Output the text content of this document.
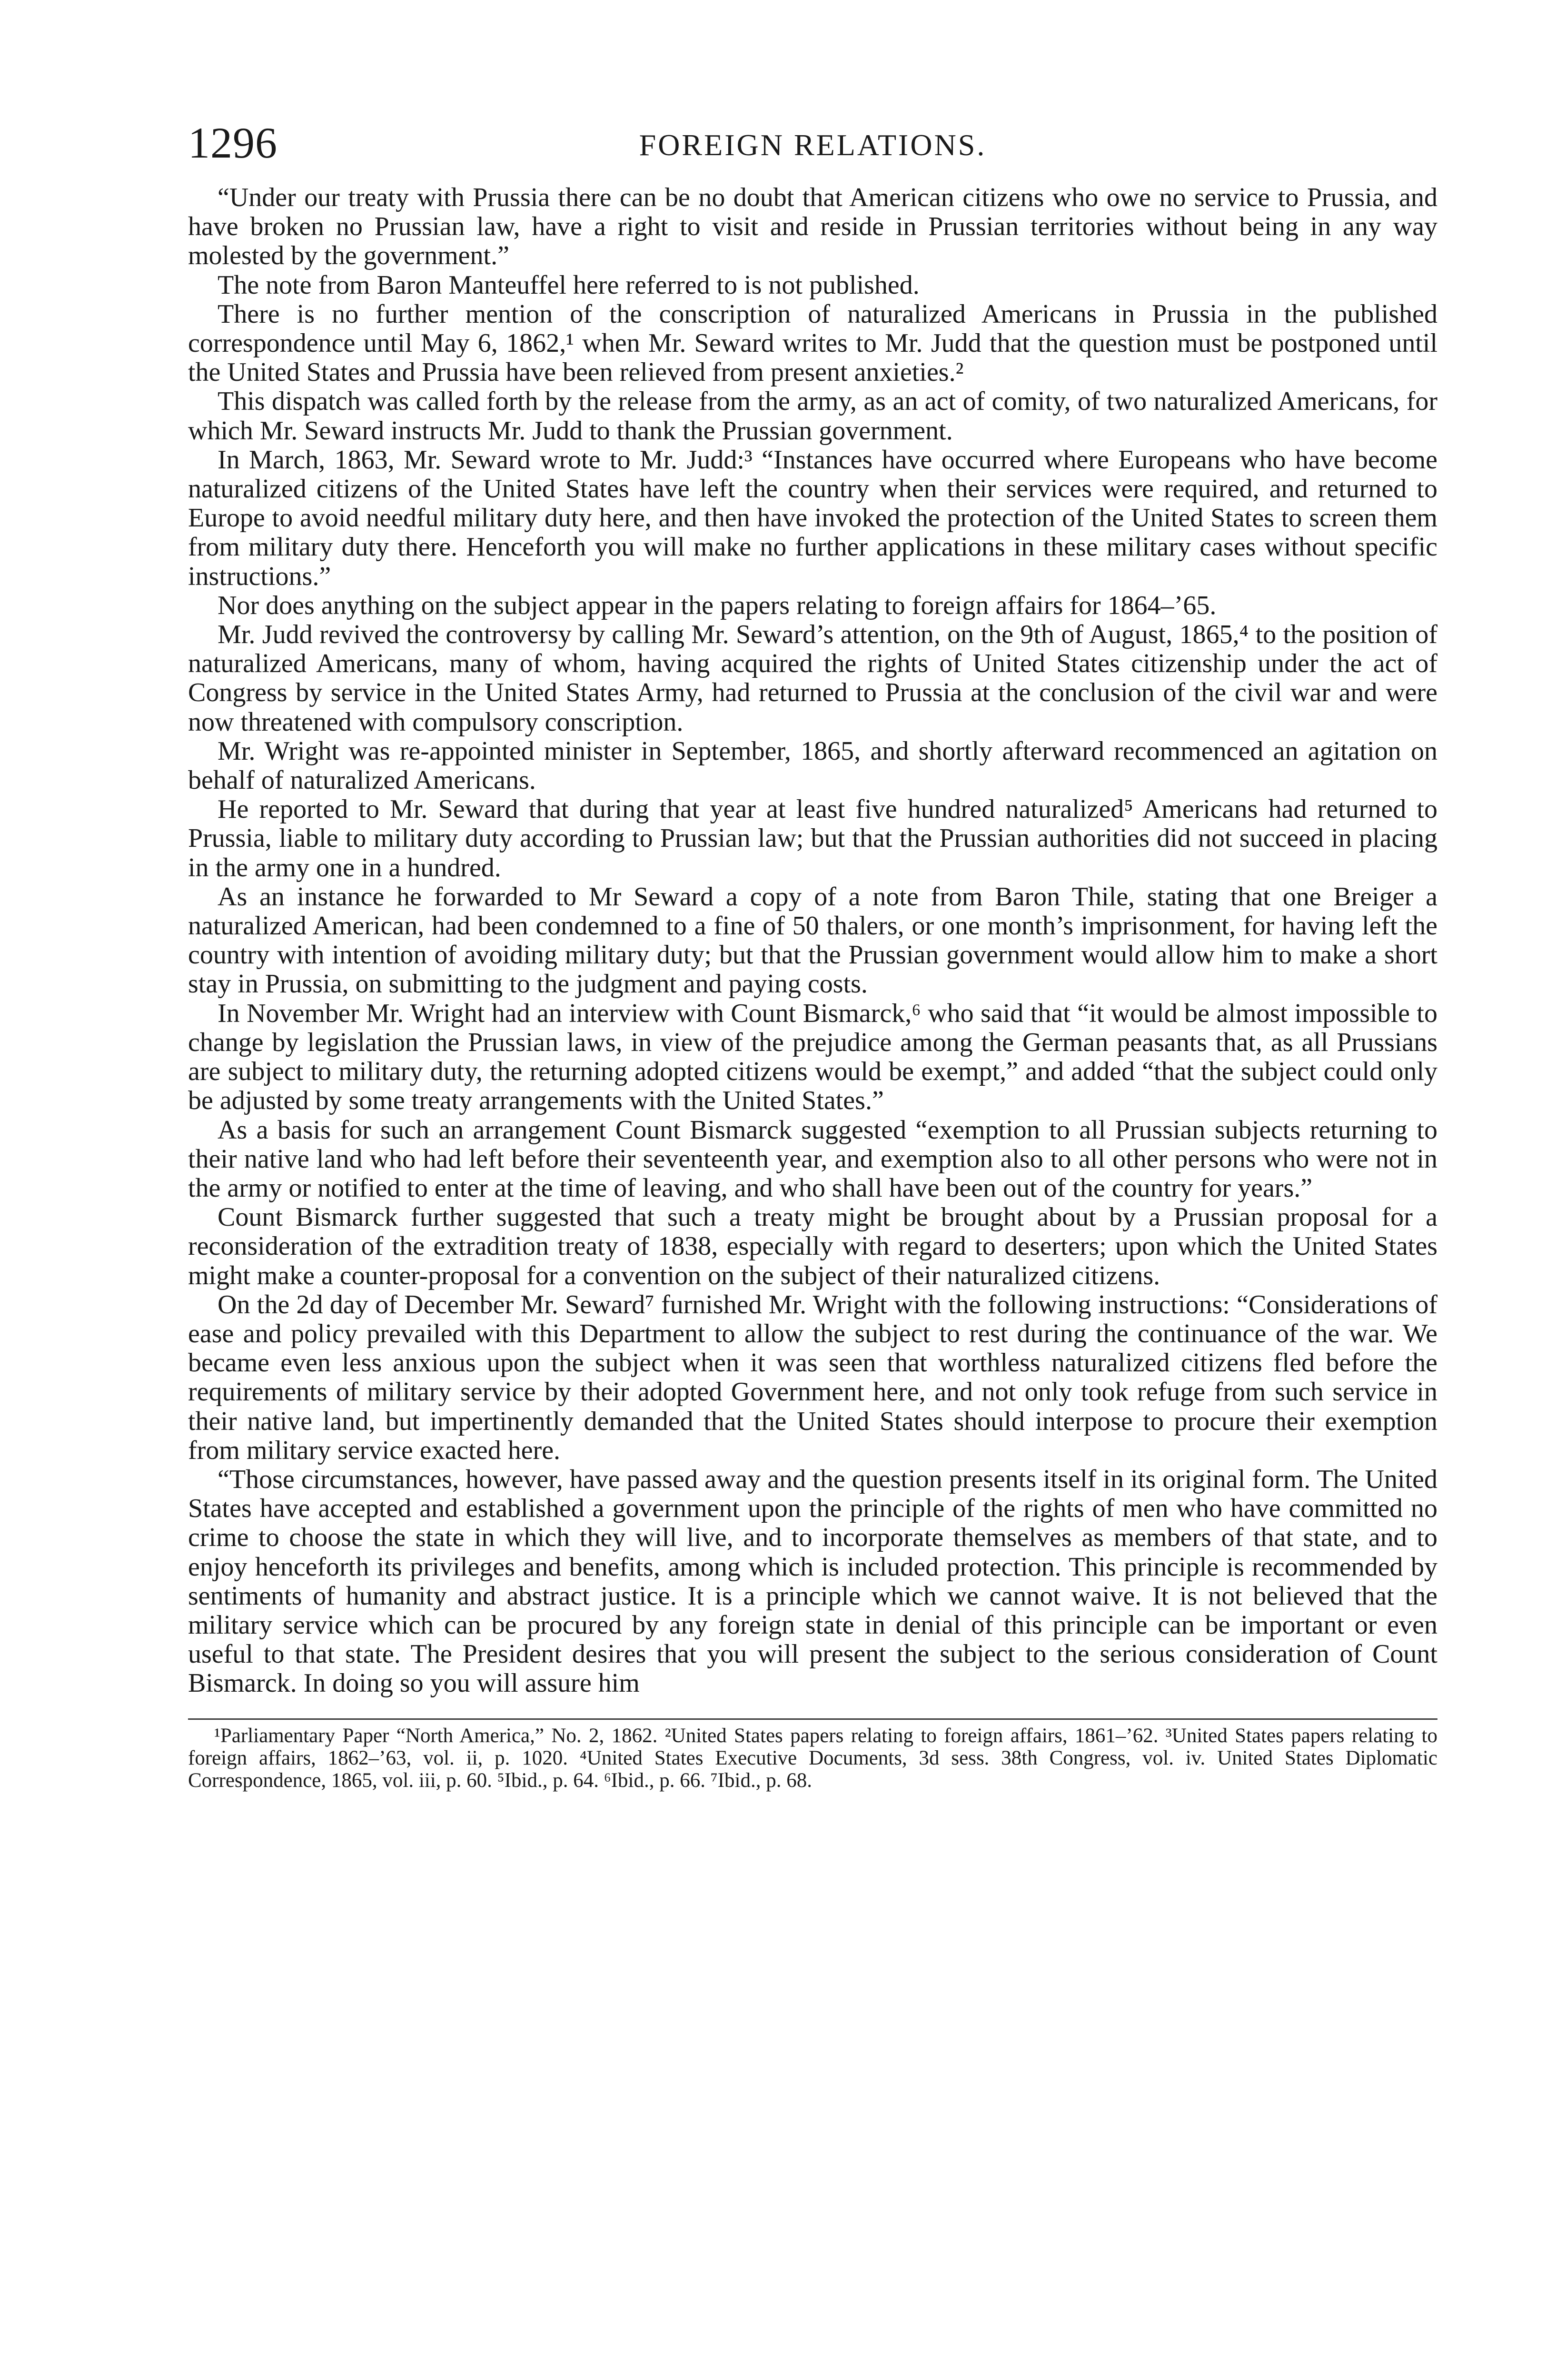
1296	FOREIGN RELATIONS.

“Under our treaty with Prussia there can be no doubt that American citizens who owe no service to Prussia, and have broken no Prussian law, have a right to visit and reside in Prussian territories without being in any way molested by the government.”

The note from Baron Manteuffel here referred to is not published.

There is no further mention of the conscription of naturalized Americans in Prussia in the published correspondence until May 6, 1862,¹ when Mr. Seward writes to Mr. Judd that the question must be postponed until the United States and Prussia have been relieved from present anxieties.²

This dispatch was called forth by the release from the army, as an act of comity, of two naturalized Americans, for which Mr. Seward instructs Mr. Judd to thank the Prussian government.

In March, 1863, Mr. Seward wrote to Mr. Judd:³ “Instances have occurred where Europeans who have become naturalized citizens of the United States have left the country when their services were required, and returned to Europe to avoid needful military duty here, and then have invoked the protection of the United States to screen them from military duty there. Henceforth you will make no further applications in these military cases without specific instructions.”

Nor does anything on the subject appear in the papers relating to foreign affairs for 1864–’65.

Mr. Judd revived the controversy by calling Mr. Seward’s attention, on the 9th of August, 1865,⁴ to the position of naturalized Americans, many of whom, having acquired the rights of United States citizenship under the act of Congress by service in the United States Army, had returned to Prussia at the conclusion of the civil war and were now threatened with compulsory conscription.

Mr. Wright was re-appointed minister in September, 1865, and shortly afterward recommenced an agitation on behalf of naturalized Americans.

He reported to Mr. Seward that during that year at least five hundred naturalized⁵ Americans had returned to Prussia, liable to military duty according to Prussian law; but that the Prussian authorities did not succeed in placing in the army one in a hundred.

As an instance he forwarded to Mr Seward a copy of a note from Baron Thile, stating that one Breiger a naturalized American, had been condemned to a fine of 50 thalers, or one month’s imprisonment, for having left the country with intention of avoiding military duty; but that the Prussian government would allow him to make a short stay in Prussia, on submitting to the judgment and paying costs.

In November Mr. Wright had an interview with Count Bismarck,⁶ who said that “it would be almost impossible to change by legislation the Prussian laws, in view of the prejudice among the German peasants that, as all Prussians are subject to military duty, the returning adopted citizens would be exempt,” and added “that the subject could only be adjusted by some treaty arrangements with the United States.”

As a basis for such an arrangement Count Bismarck suggested “exemption to all Prussian subjects returning to their native land who had left before their seventeenth year, and exemption also to all other persons who were not in the army or notified to enter at the time of leaving, and who shall have been out of the country for years.”

Count Bismarck further suggested that such a treaty might be brought about by a Prussian proposal for a reconsideration of the extradition treaty of 1838, especially with regard to deserters; upon which the United States might make a counter-proposal for a convention on the subject of their naturalized citizens.

On the 2d day of December Mr. Seward⁷ furnished Mr. Wright with the following instructions: “Considerations of ease and policy prevailed with this Department to allow the subject to rest during the continuance of the war. We became even less anxious upon the subject when it was seen that worthless naturalized citizens fled before the requirements of military service by their adopted Government here, and not only took refuge from such service in their native land, but impertinently demanded that the United States should interpose to procure their exemption from military service exacted here.

“Those circumstances, however, have passed away and the question presents itself in its original form. The United States have accepted and established a government upon the principle of the rights of men who have committed no crime to choose the state in which they will live, and to incorporate themselves as members of that state, and to enjoy henceforth its privileges and benefits, among which is included protection. This principle is recommended by sentiments of humanity and abstract justice. It is a principle which we cannot waive. It is not believed that the military service which can be procured by any foreign state in denial of this principle can be important or even useful to that state. The President desires that you will present the subject to the serious consideration of Count Bismarck. In doing so you will assure him

¹Parliamentary Paper “North America,” No. 2, 1862. ²United States papers relating to foreign affairs, 1861–’62. ³United States papers relating to foreign affairs, 1862–’63, vol. ii, p. 1020. ⁴United States Executive Documents, 3d sess. 38th Congress, vol. iv. United States Diplomatic Correspondence, 1865, vol. iii, p. 60. ⁵Ibid., p. 64. ⁶Ibid., p. 66. ⁷Ibid., p. 68.
